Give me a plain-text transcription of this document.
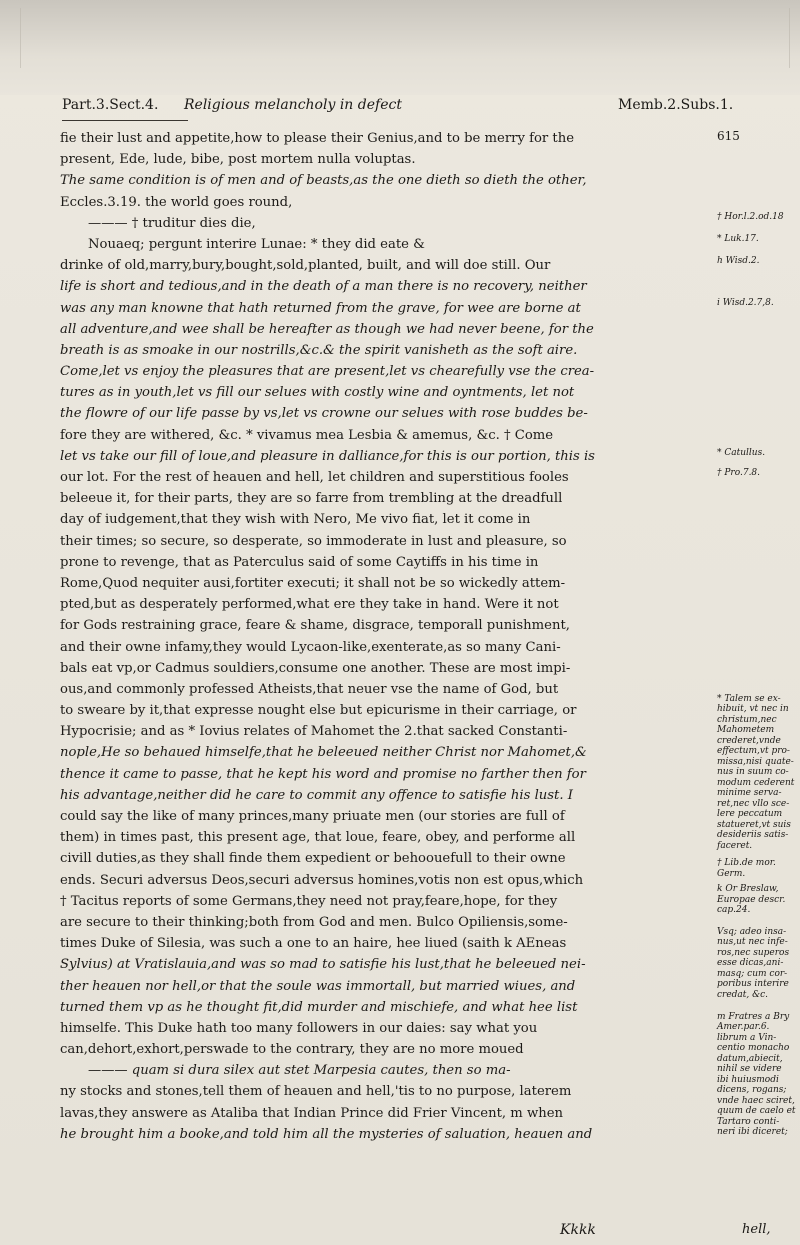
Part.3.Sect.4. Religious melancholy in defect	Memb.2.Subs.1.
fie their lust and appetite,how to please their Genius,and to be merry for the
present, Ede, lude, bibe, post mortem nulla voluptas.
The same condition is of men and of beasts,as the one dieth so dieth the other,
Eccles.3.19. the world goes round,
——— † truditur dies die,
Nouaeq; pergunt interire Lunae: * they did eate &
drinke of old,marry,bury,bought,sold,planted, built, and will doe still. Our
life is short and tedious,and in the death of a man there is no recovery, neither
was any man knowne that hath returned from the grave, for wee are borne at
all adventure,and wee shall be hereafter as though we had never beene, for the
breath is as smoake in our nostrills,&c.& the spirit vanisheth as the soft aire.
Come,let vs enjoy the pleasures that are present,let vs chearefully vse the crea-
tures as in youth,let vs fill our selues with costly wine and oyntments, let not
the flowre of our life passe by vs,let vs crowne our selues with rose buddes be-
fore they are withered, &c. * vivamus mea Lesbia & amemus, &c. † Come
let vs take our fill of loue,and pleasure in dalliance,for this is our portion, this is
our lot. For the rest of heauen and hell, let children and superstitious fooles
beleeue it, for their parts, they are so farre from trembling at the dreadfull
day of iudgement,that they wish with Nero, Me vivo fiat, let it come in
their times; so secure, so desperate, so immoderate in lust and pleasure, so
prone to revenge, that as Paterculus said of some Caytiffs in his time in
Rome,Quod nequiter ausi,fortiter executi; it shall not be so wickedly attem-
pted,but as desperately performed,what ere they take in hand. Were it not
for Gods restraining grace, feare & shame, disgrace, temporall punishment,
and their owne infamy,they would Lycaon-like,exenterate,as so many Cani-
bals eat vp,or Cadmus souldiers,consume one another. These are most impi-
ous,and commonly professed Atheists,that neuer vse the name of God, but
to sweare by it,that expresse nought else but epicurisme in their carriage, or
Hypocrisie; and as * Iovius relates of Mahomet the 2.that sacked Constanti-
nople,He so behaued himselfe,that he beleeued neither Christ nor Mahomet,&
thence it came to passe, that he kept his word and promise no farther then for
his advantage,neither did he care to commit any offence to satisfie his lust. I
could say the like of many princes,many priuate men (our stories are full of
them) in times past, this present age, that loue, feare, obey, and performe all
civill duties,as they shall finde them expedient or behoouefull to their owne
ends. Securi adversus Deos,securi adversus homines,votis non est opus,which
† Tacitus reports of some Germans,they need not pray,feare,hope, for they
are secure to their thinking;both from God and men. Bulco Opiliensis,some-
times Duke of Silesia, was such a one to an haire, hee liued (saith k AEneas
Sylvius) at Vratislauia,and was so mad to satisfie his lust,that he beleeued nei-
ther heauen nor hell,or that the soule was immortall, but married wiues, and
turned them vp as he thought fit,did murder and mischiefe, and what hee list
himselfe. This Duke hath too many followers in our daies: say what you
can,dehort,exhort,perswade to the contrary, they are no more moued
——— quam si dura silex aut stet Marpesia cautes, then so ma-
ny stocks and stones,tell them of heauen and hell,'tis to no purpose, laterem
lavas,they answere as Ataliba that Indian Prince did Frier Vincent, m when
he brought him a booke,and told him all the mysteries of saluation, heauen and
615
† Hor.l.2.od.18
* Luk.17.
h Wisd.2.
i Wisd.2.7,8.
* Catullus.
† Pro.7.8.
* Talem se ex-
hibuit, vt nec in
christum,nec
Mahometem
crederet,vnde
effectum,vt pro-
missa,nisi quate-
nus in suum co-
modum cederent
minime serva-
ret,nec vllo sce-
lere peccatum
statueret,vt suis
desideriis satis-
faceret.
† Lib.de mor.
Germ.
k Or Breslaw,
Europae descr.
cap.24.
Vsq; adeo insa-
nus,ut nec infe-
ros,nec superos
esse dicas,ani-
masq; cum cor-
poribus interire
credat, &c.
m Fratres a Bry
Amer.par.6.
librum a Vin-
centio monacho
datum,abiecit,
nihil se videre
ibi huiusmodi
dicens, rogans;
vnde haec sciret,
quum de caelo et
Tartaro conti-
neri ibi diceret;
Kkkk	hell,
